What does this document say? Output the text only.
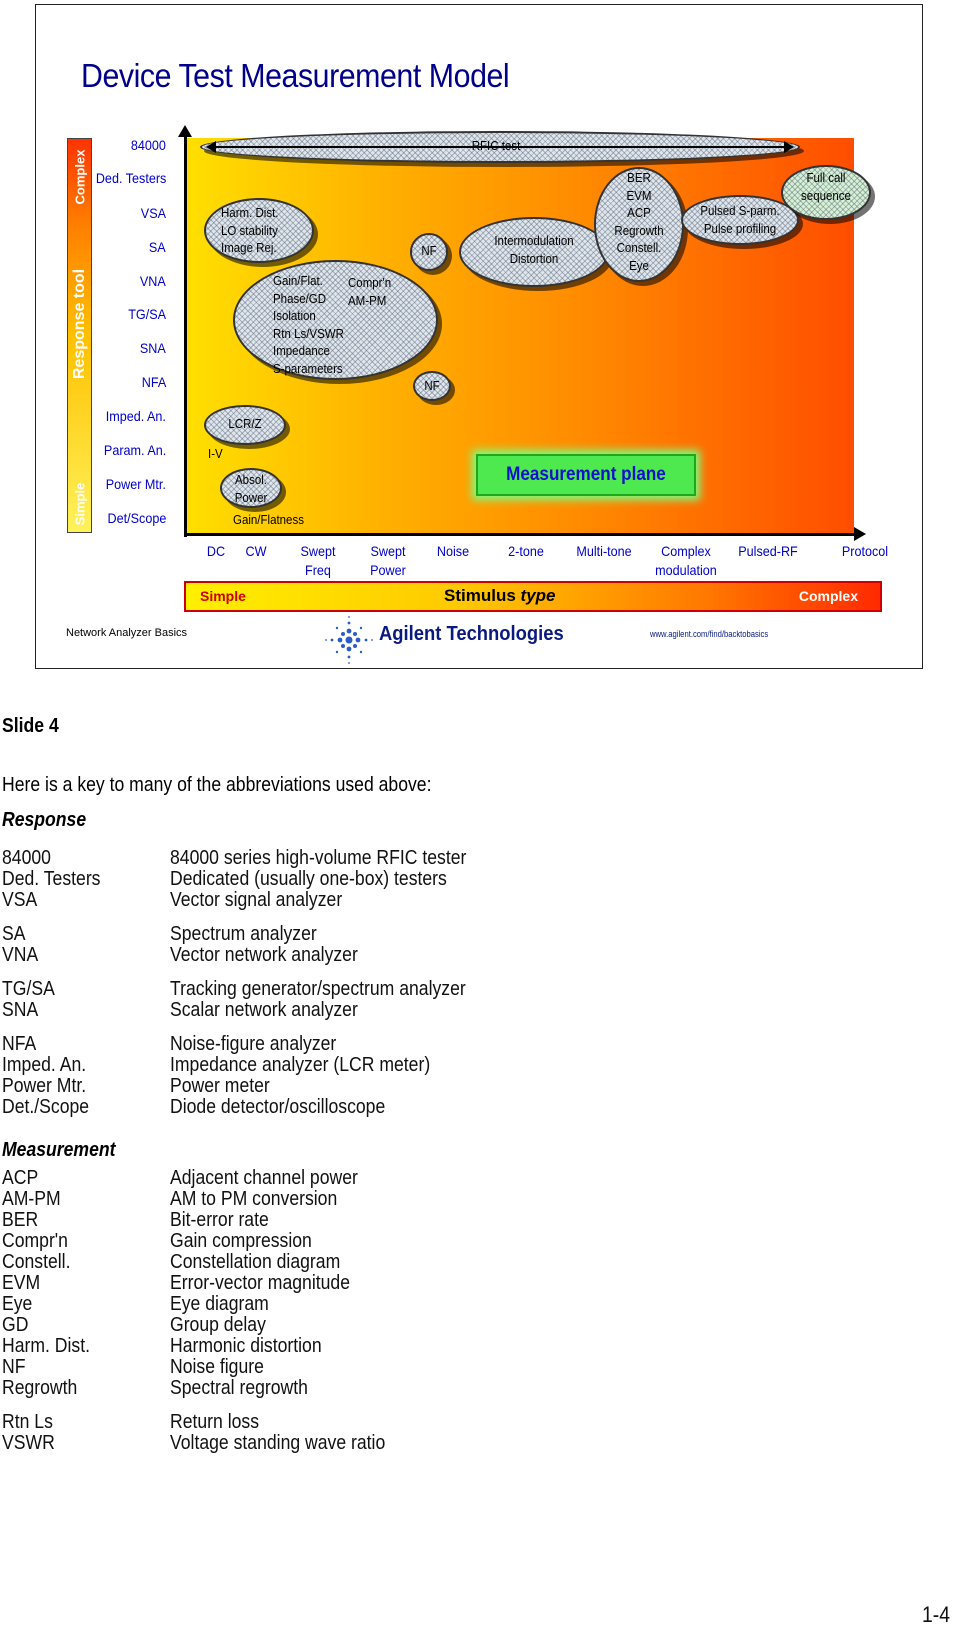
Device Test Measurement Model
Complex
Response tool
Simple
84000
Ded. Testers
VSA
SA
VNA
TG/SA
SNA
NFA
Imped. An.
Param. An.
Power Mtr.
Det/Scope
Harm. Dist.
LO stability
Image Rej.
Gain/Flat.
Phase/GD
Isolation
Rtn Ls/VSWR
Impedance
S-parameters
Compr'n
AM-PM
NF
NF
Intermodulation
Distortion
BER
EVM
ACP
Regrowth
Constell.
Eye
Pulsed S-parm.
Pulse profiling
Full call
sequence
LCR/Z
I-V
Absol.
Power
Gain/Flatness
Measurement plane
DC	CW	Swept
Freq
Swept
Power
Noise	2-tone	Multi-tone	Complex
modulation
Pulsed-RF	Protocol
Simple	Stimulus type	Complex
Network Analyzer Basics	Agilent Technologies	www.agilent.com/find/backtobasics
Slide 4
Here is a key to many of the abbreviations used above:
Response
84000	84000 series high-volume RFIC tester
Ded. Testers	Dedicated (usually one-box) testers
VSA	Vector signal analyzer
SA	Spectrum analyzer
VNA	Vector network analyzer
TG/SA	Tracking generator/spectrum analyzer
SNA	Scalar network analyzer
NFA	Noise-figure analyzer
Imped. An.	Impedance analyzer (LCR meter)
Power Mtr.	Power meter
Det./Scope	Diode detector/oscilloscope
Measurement
ACP	Adjacent channel power
AM-PM	AM to PM conversion
BER	Bit-error rate
Compr'n	Gain compression
Constell.	Constellation diagram
EVM	Error-vector magnitude
Eye	Eye diagram
GD	Group delay
Harm. Dist.	Harmonic distortion
NF	Noise figure
Regrowth	Spectral regrowth
Rtn Ls	Return loss
VSWR	Voltage standing wave ratio
1-4
